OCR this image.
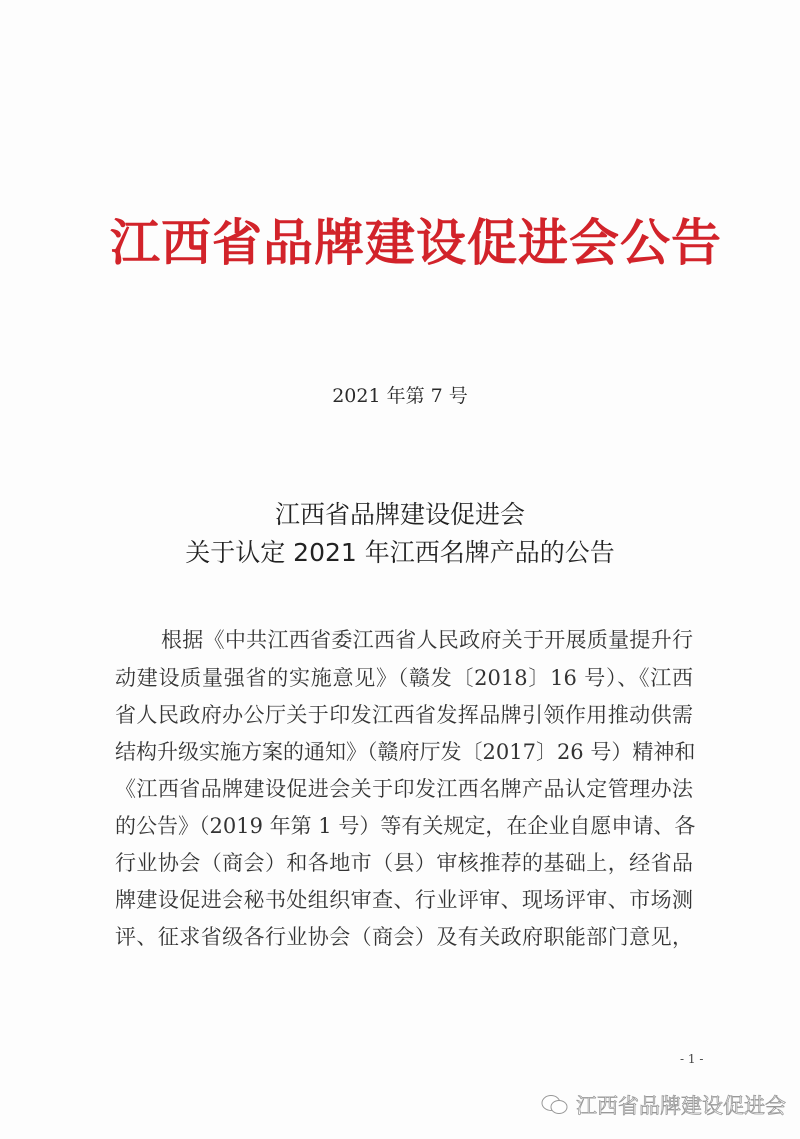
江西省品牌建设促进会公告
2021 年第 7 号
江西省品牌建设促进会
关于认定 2021 年江西名牌产品的公告
根据《中共江西省委江西省人民政府关于开展质量提升行
动建设质量强省的实施意见》（赣发〔2018〕16 号）、《江西
省人民政府办公厅关于印发江西省发挥品牌引领作用推动供需
结构升级实施方案的通知》（赣府厅发〔2017〕26 号）精神和
《江西省品牌建设促进会关于印发江西名牌产品认定管理办法
的公告》（2019 年第 1 号）等有关规定，在企业自愿申请、各
行业协会（商会）和各地市（县）审核推荐的基础上，经省品
牌建设促进会秘书处组织审查、行业评审、现场评审、市场测
评、征求省级各行业协会（商会）及有关政府职能部门意见，
- 1 -
江西省品牌建设促进会
